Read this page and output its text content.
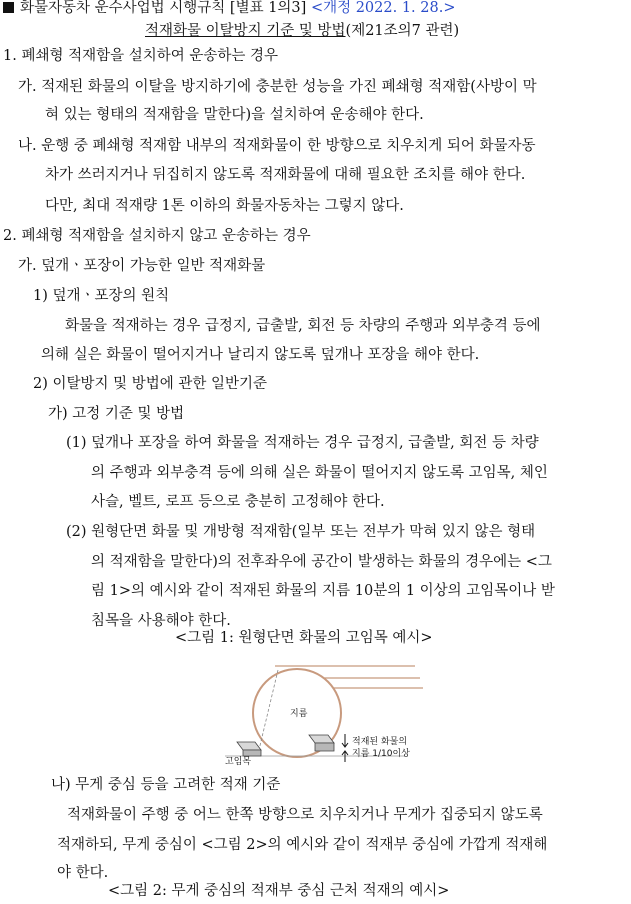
화물자동차 운수사업법 시행규칙 [별표 1의3] <개정 2022. 1. 28.>
적재화물 이탈방지 기준 및 방법(제21조의7 관련)
1. 폐쇄형 적재함을 설치하여 운송하는 경우
가. 적재된 화물의 이탈을 방지하기에 충분한 성능을 가진 폐쇄형 적재함(사방이 막
혀 있는 형태의 적재함을 말한다)을 설치하여 운송해야 한다.
나. 운행 중 폐쇄형 적재함 내부의 적재화물이 한 방향으로 치우치게 되어 화물자동
차가 쓰러지거나 뒤집히지 않도록 적재화물에 대해 필요한 조치를 해야 한다.
다만, 최대 적재량 1톤 이하의 화물자동차는 그렇지 않다.
2. 폐쇄형 적재함을 설치하지 않고 운송하는 경우
가. 덮개ㆍ포장이 가능한 일반 적재화물
1) 덮개ㆍ포장의 원칙
화물을 적재하는 경우 급정지, 급출발, 회전 등 차량의 주행과 외부충격 등에
의해 실은 화물이 떨어지거나 날리지 않도록 덮개나 포장을 해야 한다.
2) 이탈방지 및 방법에 관한 일반기준
가) 고정 기준 및 방법
(1) 덮개나 포장을 하여 화물을 적재하는 경우 급정지, 급출발, 회전 등 차량
의 주행과 외부충격 등에 의해 실은 화물이 떨어지지 않도록 고임목, 체인
사슬, 벨트, 로프 등으로 충분히 고정해야 한다.
(2) 원형단면 화물 및 개방형 적재함(일부 또는 전부가 막혀 있지 않은 형태
의 적재함을 말한다)의 전후좌우에 공간이 발생하는 화물의 경우에는 <그
림 1>의 예시와 같이 적재된 화물의 지름 10분의 1 이상의 고임목이나 받
침목을 사용해야 한다.
<그림 1: 원형단면 화물의 고임목 예시>
지름
고임목
적재된 화물의
지름 1/10이상
나) 무게 중심 등을 고려한 적재 기준
적재화물이 주행 중 어느 한쪽 방향으로 치우치거나 무게가 집중되지 않도록
적재하되, 무게 중심이 <그림 2>의 예시와 같이 적재부 중심에 가깝게 적재해
야 한다.
<그림 2: 무게 중심의 적재부 중심 근처 적재의 예시>
